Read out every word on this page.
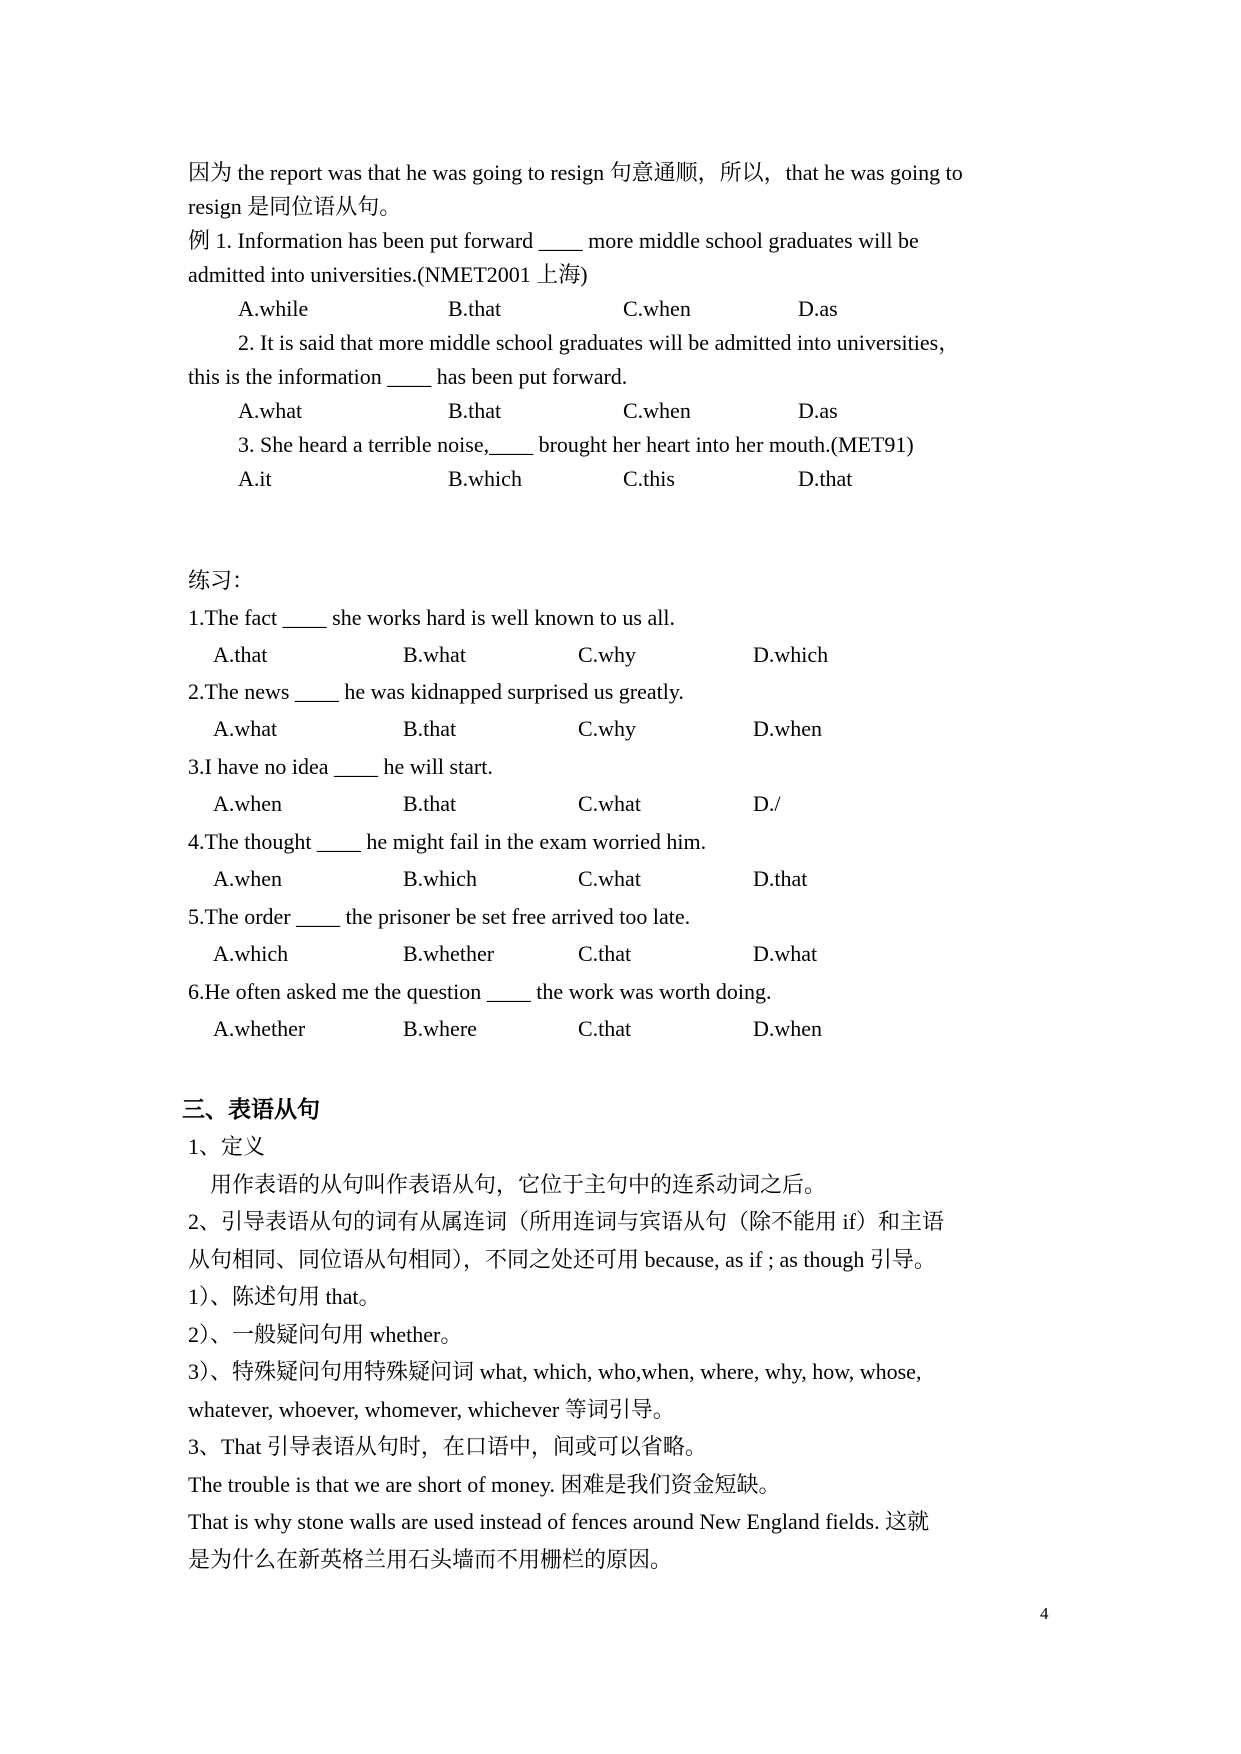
因为 the report was that he was going to resign 句意通顺，所以，that he was going to
resign 是同位语从句。
例 1. Information has been put forward ____ more middle school graduates will be
admitted into universities.(NMET2001 上海)
A.while	B.that	C.when	D.as
2. It is said that more middle school graduates will be admitted into universities，
this is the information ____ has been put forward.
A.what	B.that	C.when	D.as
3. She heard a terrible noise,____ brought her heart into her mouth.(MET91)
A.it	B.which	C.this	D.that
练习：
1.The fact ____ she works hard is well known to us all.
A.that	B.what	C.why	D.which
2.The news ____ he was kidnapped surprised us greatly.
A.what	B.that	C.why	D.when
3.I have no idea ____ he will start.
A.when	B.that	C.what	D./
4.The thought ____ he might fail in the exam worried him.
A.when	B.which	C.what	D.that
5.The order ____ the prisoner be set free arrived too late.
A.which	B.whether	C.that	D.what
6.He often asked me the question ____ the work was worth doing.
A.whether	B.where	C.that	D.when
三、表语从句
1、定义
用作表语的从句叫作表语从句，它位于主句中的连系动词之后。
2、引导表语从句的词有从属连词（所用连词与宾语从句（除不能用 if）和主语
从句相同、同位语从句相同），不同之处还可用 because, as if ; as though 引导。
1）、陈述句用 that。
2）、一般疑问句用 whether。
3）、特殊疑问句用特殊疑问词 what, which, who,when, where, why, how, whose,
whatever, whoever, whomever, whichever 等词引导。
3、That 引导表语从句时，在口语中，间或可以省略。
The trouble is that we are short of money. 困难是我们资金短缺。
That is why stone walls are used instead of fences around New England fields. 这就
是为什么在新英格兰用石头墙而不用栅栏的原因。
4
